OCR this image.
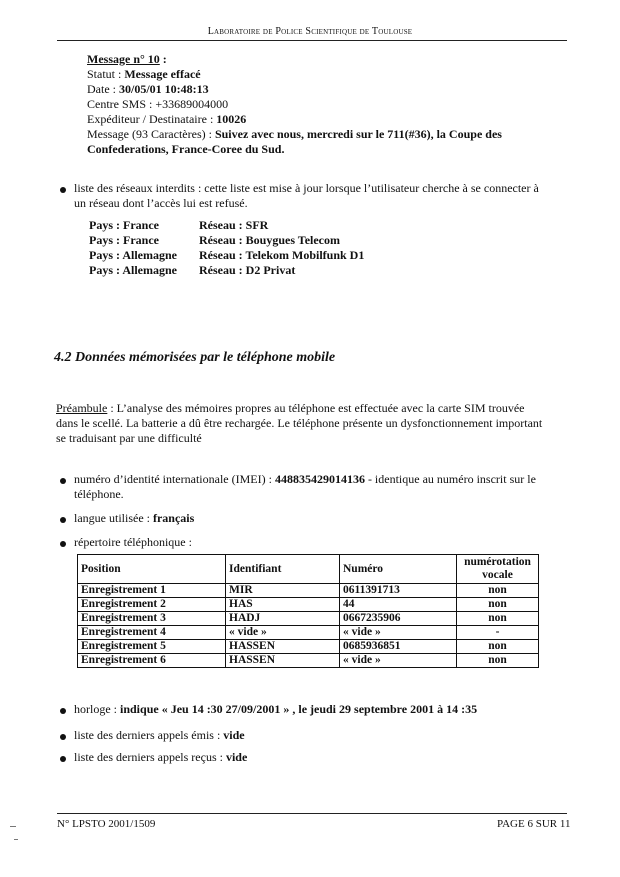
Laboratoire de Police Scientifique de Toulouse
Message n° 10 :
Statut : Message effacé
Date : 30/05/01 10:48:13
Centre SMS : +33689004000
Expéditeur / Destinataire : 10026
Message (93 Caractères) : Suivez avec nous, mercredi sur le 711(#36), la Coupe des
Confederations, France-Coree du Sud.
liste des réseaux interdits : cette liste est mise à jour lorsque l’utilisateur cherche à se connecter à
un réseau dont l’accès lui est refusé.
Pays : France	Réseau : SFR
Pays : France	Réseau : Bouygues Telecom
Pays : Allemagne Réseau : Telekom Mobilfunk D1
Pays : Allemagne Réseau : D2 Privat
4.2 Données mémorisées par le téléphone mobile
Préambule : L’analyse des mémoires propres au téléphone est effectuée avec la carte SIM trouvée
dans le scellé. La batterie a dû être rechargée. Le téléphone présente un dysfonctionnement important
se traduisant par une difficulté
numéro d’identité internationale (IMEI) : 448835429014136 - identique au numéro inscrit sur le
téléphone.
langue utilisée : français
répertoire téléphonique :
Position	Identifiant	Numéro	numérotation vocale
Enregistrement 1	MIR	0611391713	non
Enregistrement 2	HAS	44	non
Enregistrement 3	HADJ	0667235906	non
Enregistrement 4	« vide »	« vide »	-
Enregistrement 5	HASSEN	0685936851	non
Enregistrement 6	HASSEN	« vide »	non
horloge : indique « Jeu 14 :30 27/09/2001 » , le jeudi 29 septembre 2001 à 14 :35
liste des derniers appels émis : vide
liste des derniers appels reçus : vide
N° LPSTO 2001/1509	PAGE 6 SUR 11
